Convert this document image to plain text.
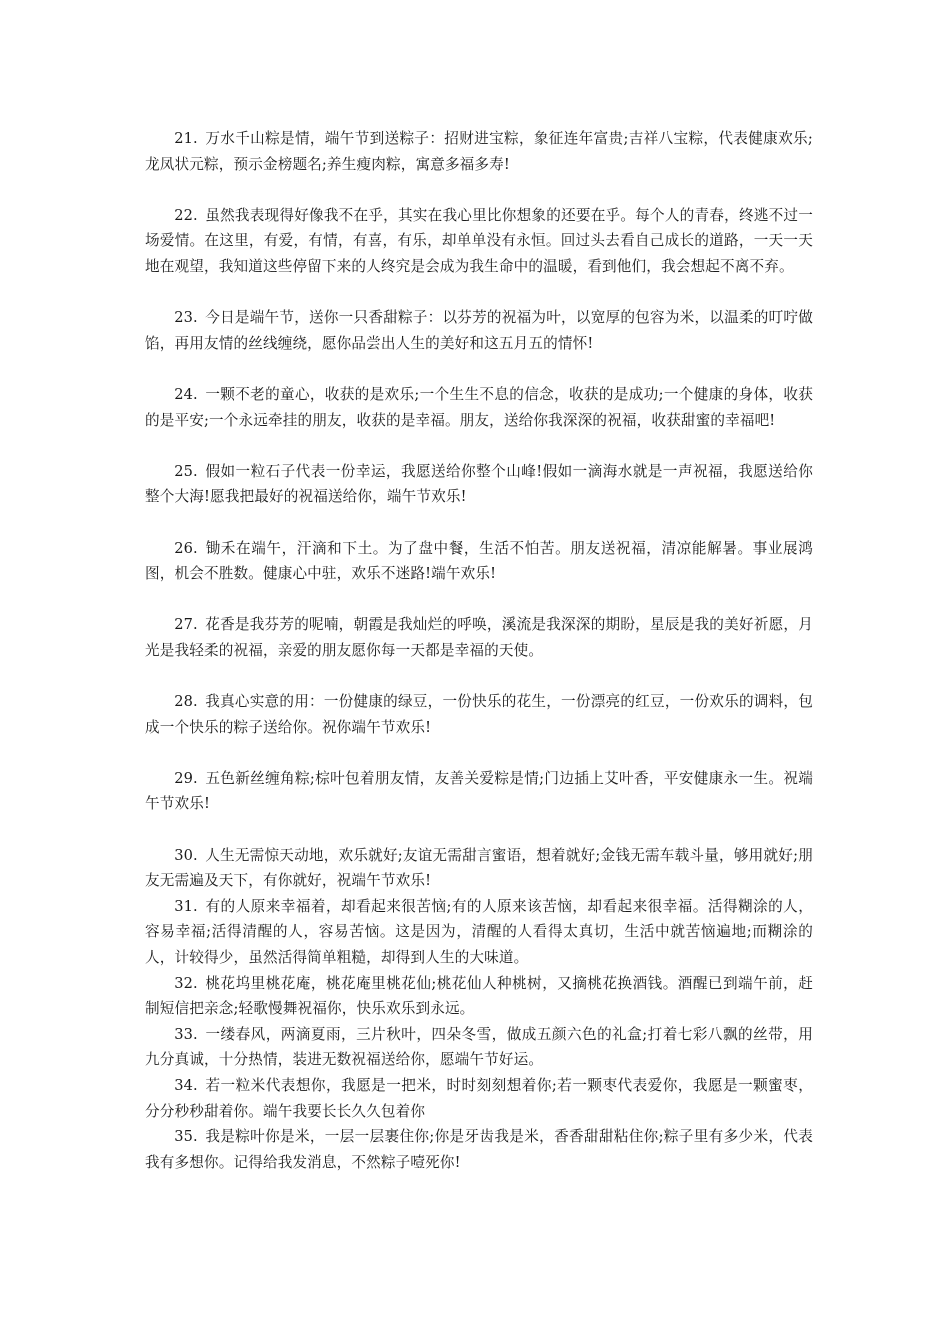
21. 万水千山粽是情，端午节到送粽子：招财进宝粽，象征连年富贵;吉祥八宝粽，代表健康欢乐;龙凤状元粽，预示金榜题名;养生瘦肉粽，寓意多福多寿!

22. 虽然我表现得好像我不在乎，其实在我心里比你想象的还要在乎。每个人的青春，终逃不过一场爱情。在这里，有爱，有情，有喜，有乐，却单单没有永恒。回过头去看自己成长的道路，一天一天地在观望，我知道这些停留下来的人终究是会成为我生命中的温暖，看到他们，我会想起不离不弃。

23. 今日是端午节，送你一只香甜粽子：以芬芳的祝福为叶，以宽厚的包容为米，以温柔的叮咛做馅，再用友情的丝线缠绕，愿你品尝出人生的美好和这五月五的情怀!

24. 一颗不老的童心，收获的是欢乐;一个生生不息的信念，收获的是成功;一个健康的身体，收获的是平安;一个永远牵挂的朋友，收获的是幸福。朋友，送给你我深深的祝福，收获甜蜜的幸福吧!

25. 假如一粒石子代表一份幸运，我愿送给你整个山峰!假如一滴海水就是一声祝福，我愿送给你整个大海!愿我把最好的祝福送给你，端午节欢乐!

26. 锄禾在端午，汗滴和下土。为了盘中餐，生活不怕苦。朋友送祝福，清凉能解暑。事业展鸿图，机会不胜数。健康心中驻，欢乐不迷路!端午欢乐!

27. 花香是我芬芳的呢喃，朝霞是我灿烂的呼唤，溪流是我深深的期盼，星辰是我的美好祈愿，月光是我轻柔的祝福，亲爱的朋友愿你每一天都是幸福的天使。

28. 我真心实意的用：一份健康的绿豆，一份快乐的花生，一份漂亮的红豆，一份欢乐的调料，包成一个快乐的粽子送给你。祝你端午节欢乐!

29. 五色新丝缠角粽;棕叶包着朋友情，友善关爱粽是情;门边插上艾叶香，平安健康永一生。祝端午节欢乐!

30. 人生无需惊天动地，欢乐就好;友谊无需甜言蜜语，想着就好;金钱无需车载斗量，够用就好;朋友无需遍及天下，有你就好，祝端午节欢乐!

31. 有的人原来幸福着，却看起来很苦恼;有的人原来该苦恼，却看起来很幸福。活得糊涂的人，容易幸福;活得清醒的人，容易苦恼。这是因为，清醒的人看得太真切，生活中就苦恼遍地;而糊涂的人，计较得少，虽然活得简单粗糙，却得到人生的大味道。

32. 桃花坞里桃花庵，桃花庵里桃花仙;桃花仙人种桃树，又摘桃花换酒钱。酒醒已到端午前，赶制短信把亲念;轻歌慢舞祝福你，快乐欢乐到永远。

33. 一缕春风，两滴夏雨，三片秋叶，四朵冬雪，做成五颜六色的礼盒;打着七彩八飘的丝带，用九分真诚，十分热情，装进无数祝福送给你，愿端午节好运。

34. 若一粒米代表想你，我愿是一把米，时时刻刻想着你;若一颗枣代表爱你，我愿是一颗蜜枣，分分秒秒甜着你。端午我要长长久久包着你

35. 我是粽叶你是米，一层一层裹住你;你是牙齿我是米，香香甜甜粘住你;粽子里有多少米，代表我有多想你。记得给我发消息，不然粽子噎死你!
